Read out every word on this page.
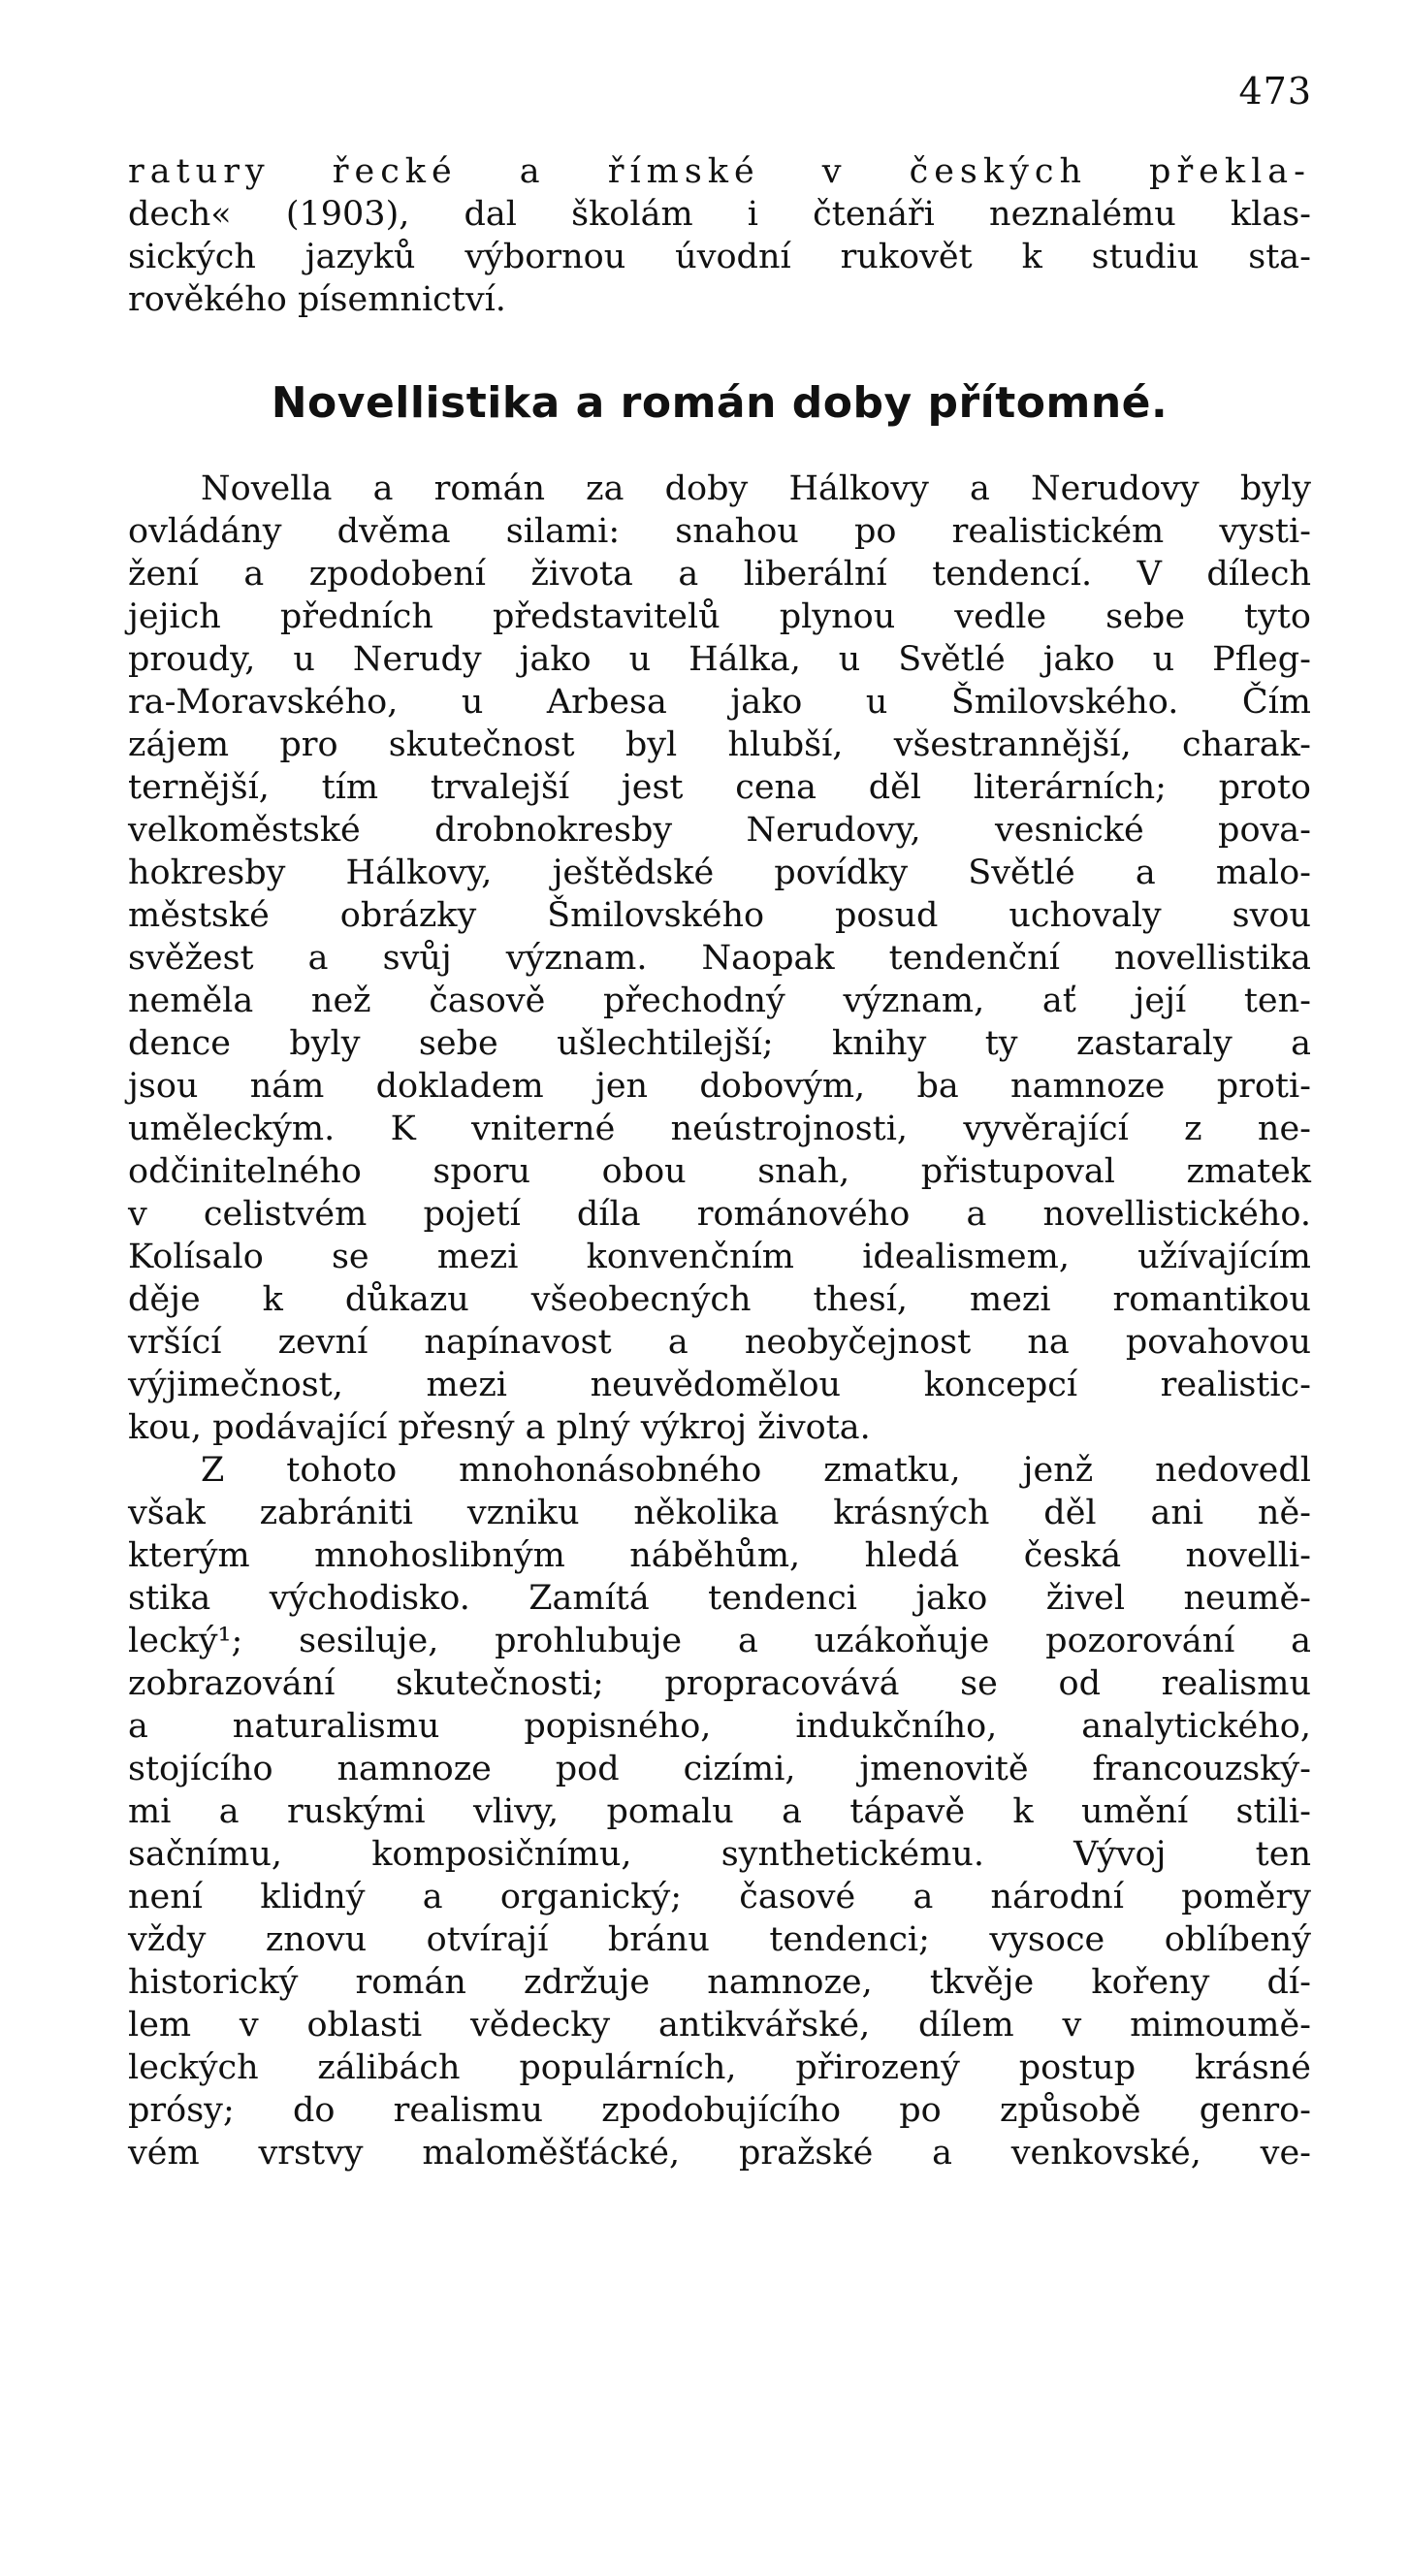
473
ratury řecké a římské v českých překla-
dech« (1903), dal školám i čtenáři neznalému klas-
sických jazyků výbornou úvodní rukovět k studiu sta-
rověkého písemnictví.
Novellistika a román doby přítomné.
Novella a román za doby Hálkovy a Nerudovy byly
ovládány dvěma silami: snahou po realistickém vysti-
žení a zpodobení života a liberální tendencí. V dílech
jejich předních představitelů plynou vedle sebe tyto
proudy, u Nerudy jako u Hálka, u Světlé jako u Pfleg-
ra-Moravského, u Arbesa jako u Šmilovského. Čím
zájem pro skutečnost byl hlubší, všestrannější, charak-
ternější, tím trvalejší jest cena děl literárních; proto
velkoměstské drobnokresby Nerudovy, vesnické pova-
hokresby Hálkovy, ještědské povídky Světlé a malo-
městské obrázky Šmilovského posud uchovaly svou
svěžest a svůj význam. Naopak tendenční novellistika
neměla než časově přechodný význam, ať její ten-
dence byly sebe ušlechtilejší; knihy ty zastaraly a
jsou nám dokladem jen dobovým, ba namnoze proti-
uměleckým. K vniterné neústrojnosti, vyvěrající z ne-
odčinitelného sporu obou snah, přistupoval zmatek
v celistvém pojetí díla románového a novellistického.
Kolísalo se mezi konvenčním idealismem, užívajícím
děje k důkazu všeobecných thesí, mezi romantikou
vršící zevní napínavost a neobyčejnost na povahovou
výjimečnost, mezi neuvědomělou koncepcí realistic-
kou, podávající přesný a plný výkroj života.
Z tohoto mnohonásobného zmatku, jenž nedovedl
však zabrániti vzniku několika krásných děl ani ně-
kterým mnohoslibným náběhům, hledá česká novelli-
stika východisko. Zamítá tendenci jako živel neumě-
lecký¹; sesiluje, prohlubuje a uzákoňuje pozorování a
zobrazování skutečnosti; propracovává se od realismu
a naturalismu popisného, indukčního, analytického,
stojícího namnoze pod cizími, jmenovitě francouzský-
mi a ruskými vlivy, pomalu a tápavě k umění stili-
sačnímu, komposičnímu, synthetickému. Vývoj ten
není klidný a organický; časové a národní poměry
vždy znovu otvírají bránu tendenci; vysoce oblíbený
historický román zdržuje namnoze, tkvěje kořeny dí-
lem v oblasti vědecky antikvářské, dílem v mimoumě-
leckých zálibách populárních, přirozený postup krásné
prósy; do realismu zpodobujícího po způsobě genro-
vém vrstvy maloměšťácké, pražské a venkovské, ve-
